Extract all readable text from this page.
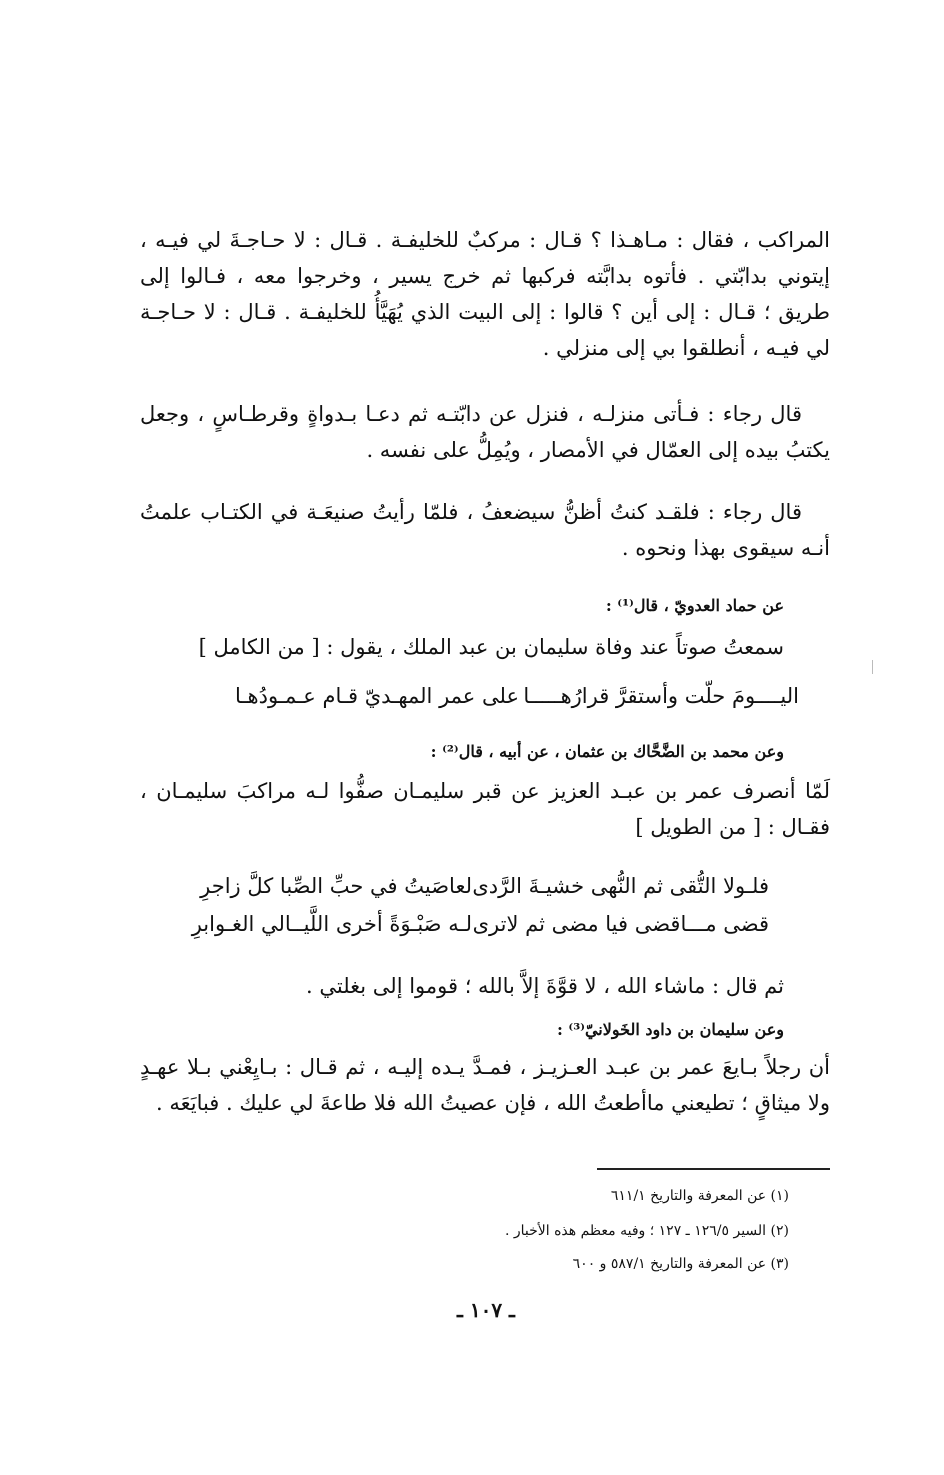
المراكب ، فقال : مـاهـذا ؟ قـال : مركبٌ للخليفـة . قـال : لا حـاجـةَ لي فيـه ، إيتوني بدابّتي . فأتوه بدابَّته فركبها ثم خرج يسير ، وخرجوا معه ، فـالوا إلى طريق ؛ قـال : إلى أين ؟ قالوا : إلى البيت الذي يُهَيَّأُ للخليفـة . قـال : لا حـاجـة لي فيـه ، أنطلقوا بي إلى منزلي .
قال رجاء : فـأتى منزلـه ، فنزل عن دابّتـه ثم دعـا بـدواةٍ وقرطـاسٍ ، وجعل يكتبُ بيده إلى العمّال في الأمصار ، ويُمِلُّ على نفسه .
قال رجاء : فلقـد كنتُ أظنُّ سيضعفُ ، فلمّا رأيتُ صنيعَـة في الكتـاب علمتُ أنـه سيقوى بهذا ونحوه .
عن حماد العدويّ ، قال⁽¹⁾ :
سمعتُ صوتاً عند وفاة سليمان بن عبد الملك ، يقول : [ من الكامل ]
اليــــومَ حلّت وأستقرَّ قرارُهـــــا
على عمر المهـديّ قـام عـمـودُهـا
وعن محمد بن الضَّحَّاك بن عثمان ، عن أبيه ، قال⁽²⁾ :
لَمّا أنصرف عمر بن عبـد العزيز عن قبر سليمـان صفُّوا لـه مراكبَ سليمـان ، فقـال : [ من الطويل ]
فلـولا التُّقى ثم النُّهى خشيـةَ الرَّدى
لعاصَيتُ في حبِّ الصِّبا كلَّ زاجرِ
قضى مـــاقضى فيا مضى ثم لاترى
لـه صَبْـوَةً أخرى اللَّيــالي الغـوابرِ
ثم قال : ماشاء الله ، لا قوَّةَ إلاَّ بالله ؛ قوموا إلى بغلتي .
وعن سليمان بن داود الخَولانيّ⁽³⁾ :
أن رجلاً بـايعَ عمر بن عبـد العـزيـز ، فمـدَّ يـده إليـه ، ثم قـال : بـايِعْني بـلا عهـدٍ ولا ميثاقٍ ؛ تطيعني ماأطعتُ الله ، فإن عصيتُ الله فلا طاعةَ لي عليك . فبايَعَه .
(١) عن المعرفة والتاريخ ٦١١/١
(٢) السير ١٢٦/٥ ـ ١٢٧ ؛ وفيه معظم هذه الأخبار .
(٣) عن المعرفة والتاريخ ٥٨٧/١ و ٦٠٠
ـ ١٠٧ ـ
